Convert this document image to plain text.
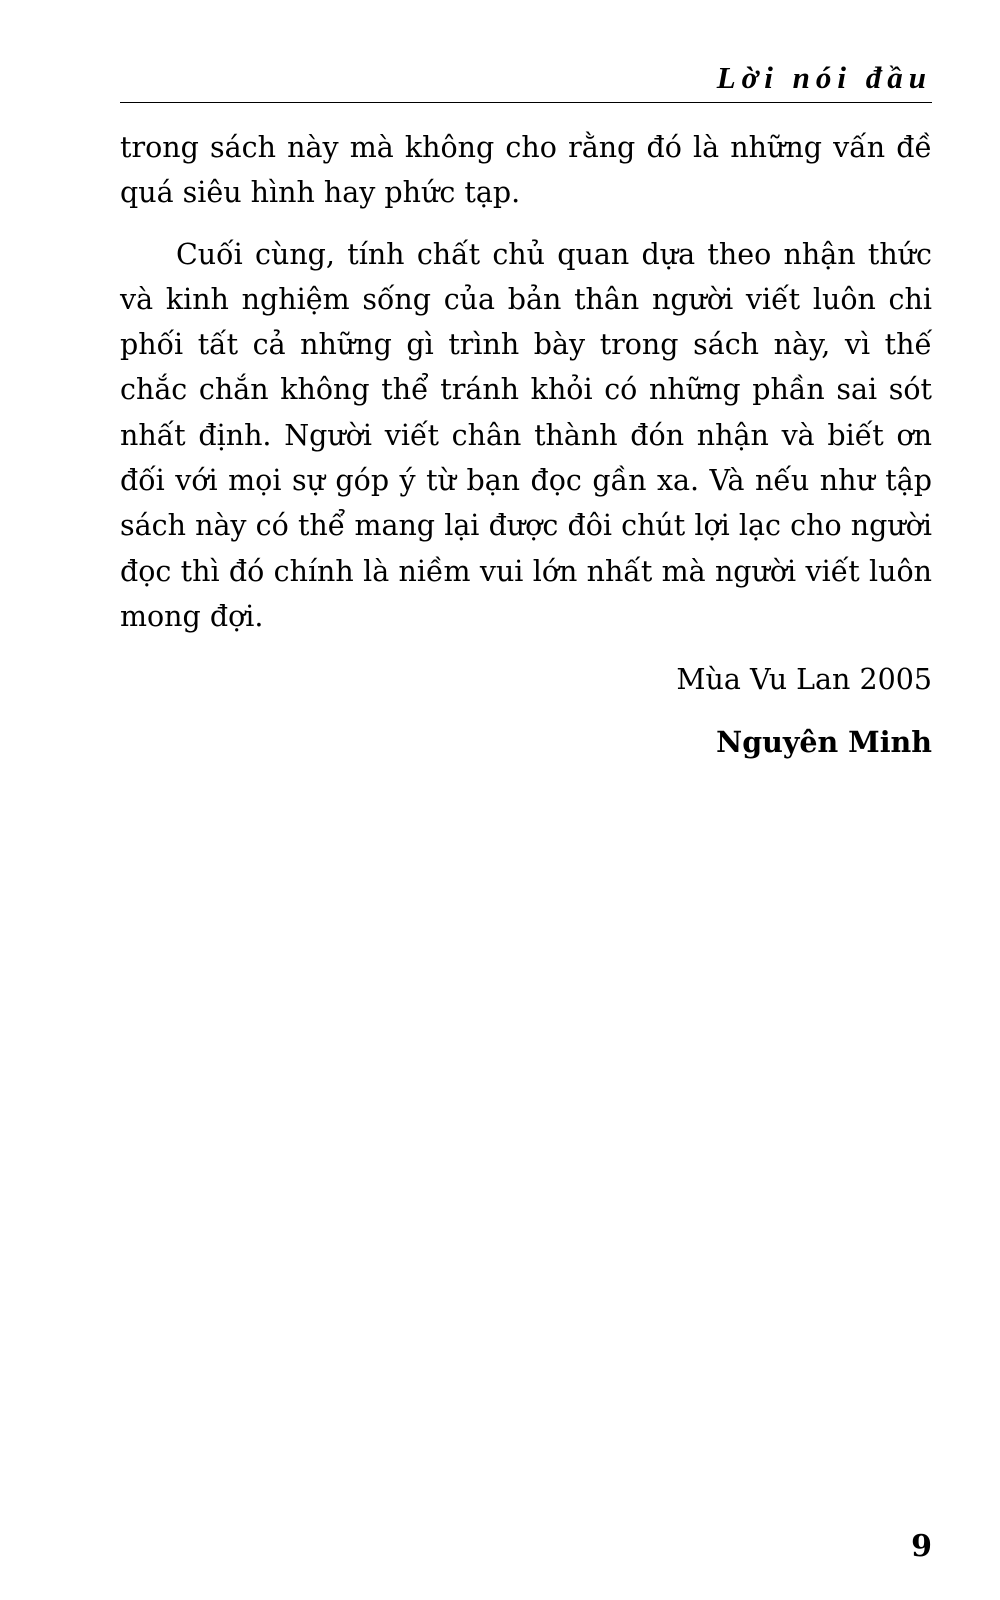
Lời nói đầu

trong sách này mà không cho rằng đó là những vấn đề quá siêu hình hay phức tạp.

Cuối cùng, tính chất chủ quan dựa theo nhận thức và kinh nghiệm sống của bản thân người viết luôn chi phối tất cả những gì trình bày trong sách này, vì thế chắc chắn không thể tránh khỏi có những phần sai sót nhất định. Người viết chân thành đón nhận và biết ơn đối với mọi sự góp ý từ bạn đọc gần xa. Và nếu như tập sách này có thể mang lại được đôi chút lợi lạc cho người đọc thì đó chính là niềm vui lớn nhất mà người viết luôn mong đợi.

Mùa Vu Lan 2005
Nguyên Minh
9
